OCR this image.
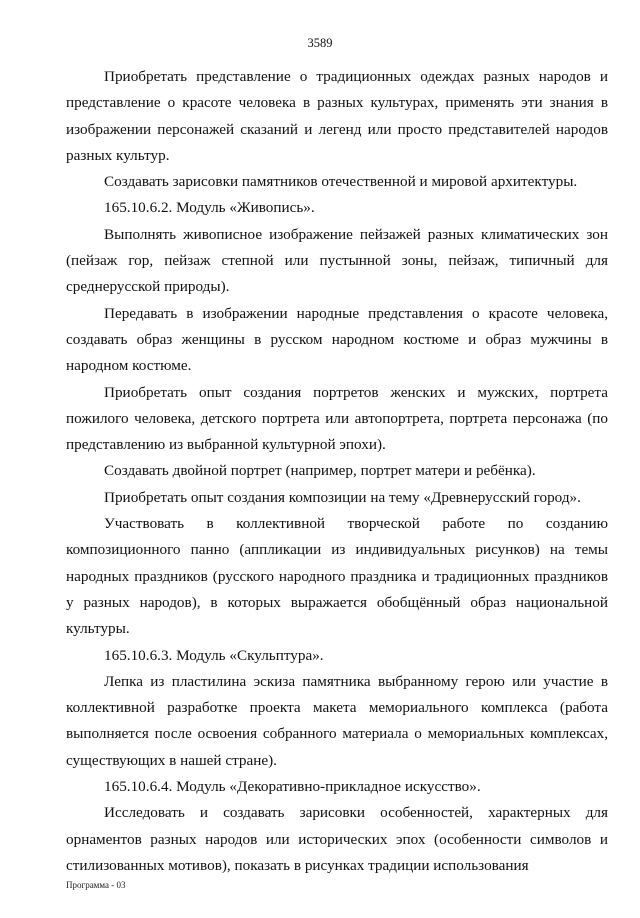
3589

Приобретать представление о традиционных одеждах разных народов и представление о красоте человека в разных культурах, применять эти знания в изображении персонажей сказаний и легенд или просто представителей народов разных культур.

Создавать зарисовки памятников отечественной и мировой архитектуры.

165.10.6.2. Модуль «Живопись».

Выполнять живописное изображение пейзажей разных климатических зон (пейзаж гор, пейзаж степной или пустынной зоны, пейзаж, типичный для среднерусской природы).

Передавать в изображении народные представления о красоте человека, создавать образ женщины в русском народном костюме и образ мужчины в народном костюме.

Приобретать опыт создания портретов женских и мужских, портрета пожилого человека, детского портрета или автопортрета, портрета персонажа (по представлению из выбранной культурной эпохи).

Создавать двойной портрет (например, портрет матери и ребёнка).

Приобретать опыт создания композиции на тему «Древнерусский город».

Участвовать в коллективной творческой работе по созданию композиционного панно (аппликации из индивидуальных рисунков) на темы народных праздников (русского народного праздника и традиционных праздников у разных народов), в которых выражается обобщённый образ национальной культуры.

165.10.6.3. Модуль «Скульптура».

Лепка из пластилина эскиза памятника выбранному герою или участие в коллективной разработке проекта макета мемориального комплекса (работа выполняется после освоения собранного материала о мемориальных комплексах, существующих в нашей стране).

165.10.6.4. Модуль «Декоративно-прикладное искусство».

Исследовать и создавать зарисовки особенностей, характерных для орнаментов разных народов или исторических эпох (особенности символов и стилизованных мотивов), показать в рисунках традиции использования

Программа - 03
